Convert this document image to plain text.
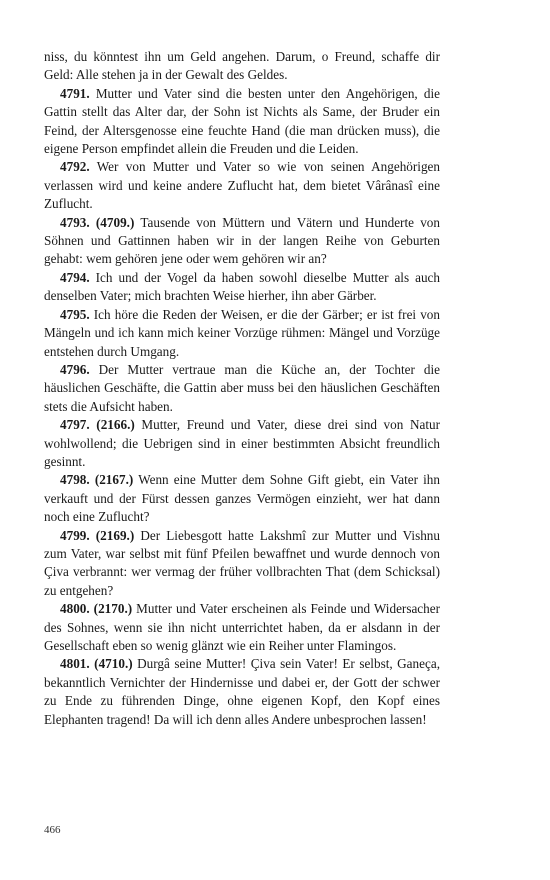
niss, du könntest ihn um Geld angehen. Darum, o Freund, schaffe dir Geld: Alle stehen ja in der Gewalt des Geldes.

4791. Mutter und Vater sind die besten unter den Angehörigen, die Gattin stellt das Alter dar, der Sohn ist Nichts als Same, der Bruder ein Feind, der Altersgenosse eine feuchte Hand (die man drücken muss), die eigene Person empfindet allein die Freuden und die Leiden.

4792. Wer von Mutter und Vater so wie von seinen Angehörigen verlassen wird und keine andere Zuflucht hat, dem bietet Vârânasî eine Zuflucht.

4793. (4709.) Tausende von Müttern und Vätern und Hunderte von Söhnen und Gattinnen haben wir in der langen Reihe von Geburten gehabt: wem gehören jene oder wem gehören wir an?

4794. Ich und der Vogel da haben sowohl dieselbe Mutter als auch denselben Vater; mich brachten Weise hierher, ihn aber Gärber.

4795. Ich höre die Reden der Weisen, er die der Gärber; er ist frei von Mängeln und ich kann mich keiner Vorzüge rühmen: Mängel und Vorzüge entstehen durch Umgang.

4796. Der Mutter vertraue man die Küche an, der Tochter die häuslichen Geschäfte, die Gattin aber muss bei den häuslichen Geschäften stets die Aufsicht haben.

4797. (2166.) Mutter, Freund und Vater, diese drei sind von Natur wohlwollend; die Uebrigen sind in einer bestimmten Absicht freundlich gesinnt.

4798. (2167.) Wenn eine Mutter dem Sohne Gift giebt, ein Vater ihn verkauft und der Fürst dessen ganzes Vermögen einzieht, wer hat dann noch eine Zuflucht?

4799. (2169.) Der Liebesgott hatte Lakshmî zur Mutter und Vishnu zum Vater, war selbst mit fünf Pfeilen bewaffnet und wurde dennoch von Çiva verbrannt: wer vermag der früher vollbrachten That (dem Schicksal) zu entgehen?

4800. (2170.) Mutter und Vater erscheinen als Feinde und Widersacher des Sohnes, wenn sie ihn nicht unterrichtet haben, da er alsdann in der Gesellschaft eben so wenig glänzt wie ein Reiher unter Flamingos.

4801. (4710.) Durgâ seine Mutter! Çiva sein Vater! Er selbst, Ganeça, bekanntlich Vernichter der Hindernisse und dabei er, der Gott der schwer zu Ende zu führenden Dinge, ohne eigenen Kopf, den Kopf eines Elephanten tragend! Da will ich denn alles Andere unbesprochen lassen!

466
